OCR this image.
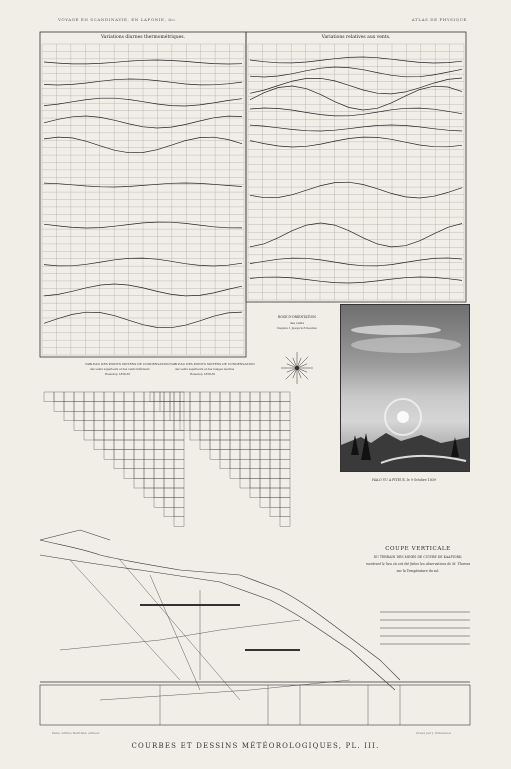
VOYAGE EN SCANDINAVIE, EN LAPONIE, &c.	ATLAS DE PHYSIQUE
Variations diurnes thermométriques.	Variations relatives aux vents.
TABLEAU DES POINTS MOYENS DE CONDENSATION
des vents supérieurs et des vents inférieurs
Bossekop 1838-39
TABLEAU DES POINTS MOYENS DE CONDENSATION
des vents supérieurs et des nuages neutres
Bossekop 1838-39
ROSE D'ORIENTATION
des vents
Depuis 1 jusqu'à 6 heures
COUPE VERTICALE
DU TERRAIN DES MINES DE CUIVRE DE KAAFIORD,
montrant le lieu où ont été faites les observations de M. Thomas
sur la Température du sol.
HALO VU A PITEUS, le 9 Octobre 1839
Paris, Arthus Bertrand, éditeur.	Gravé par J. Dubuisson
COURBES ET DESSINS MÉTÉOROLOGIQUES, PL. III.
